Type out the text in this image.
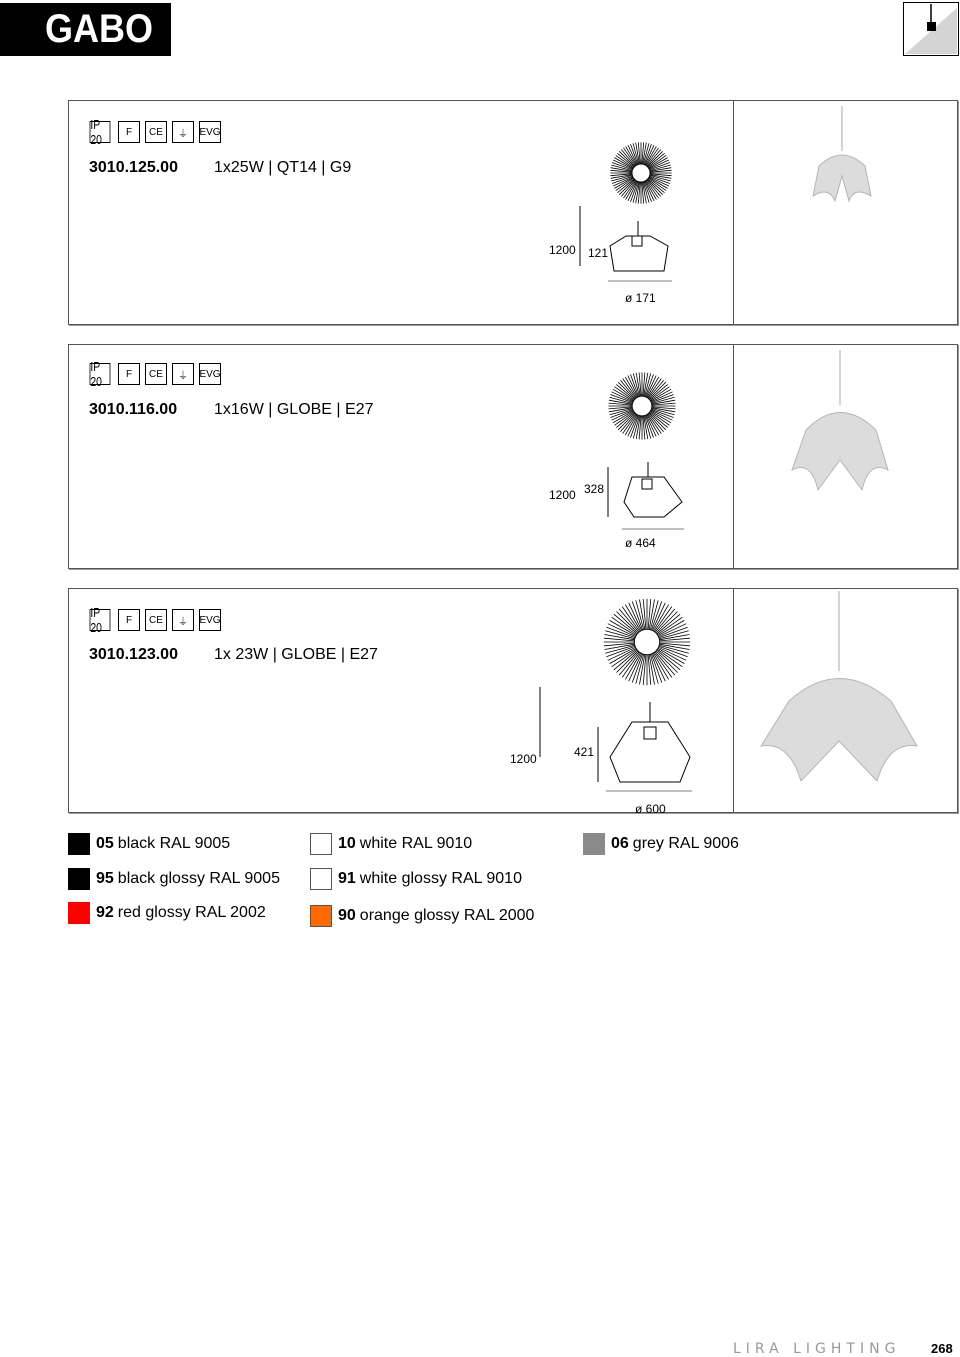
GABO
IP 20	F	CE	⏚	EVG
3010.125.00 1x25W | QT14 | G9
1200 121
ø 171
IP 20	F	CE	⏚	EVG
3010.116.00 1x16W | GLOBE | E27
1200 328
ø 464
IP 20	F	CE	⏚	EVG
3010.123.00 1x 23W | GLOBE | E27
1200	421
ø 600
05 black RAL 9005	10 white RAL 9010	06 grey RAL 9006
95 black glossy RAL 9005	91 white glossy RAL 9010
92 red glossy RAL 2002	90 orange glossy RAL 2000
LIRA LIGHTING 268
